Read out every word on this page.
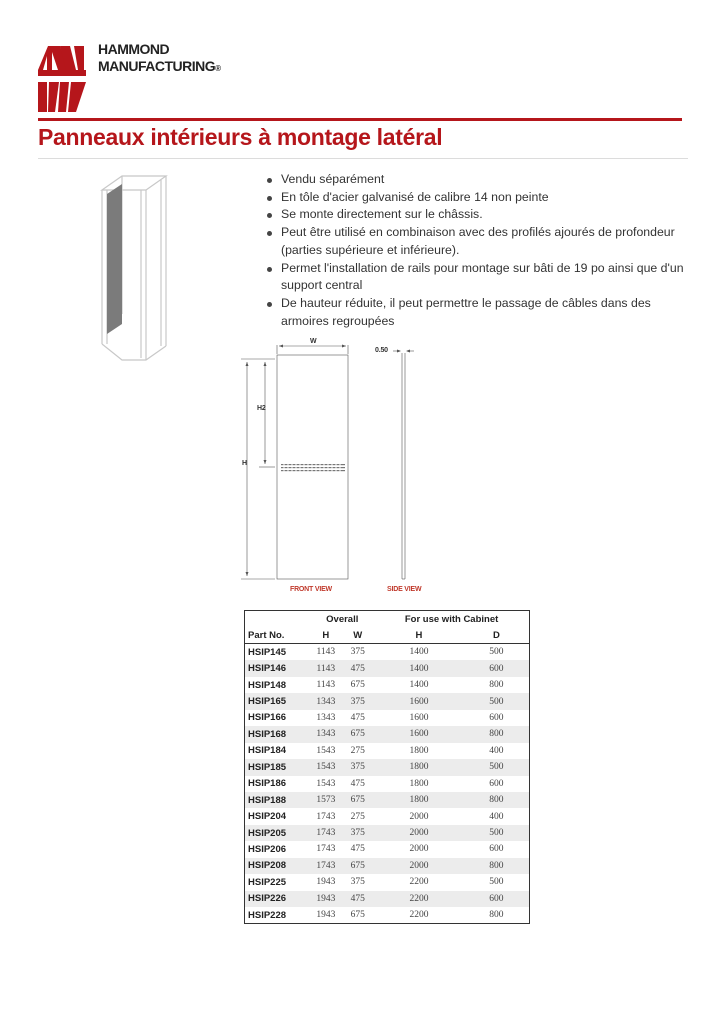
HAMMOND
MANUFACTURING®
Panneaux intérieurs à montage latéral
Vendu séparément
En tôle d'acier galvanisé de calibre 14 non peinte
Se monte directement sur le châssis.
Peut être utilisé en combinaison avec des profilés ajourés de profondeur (parties supérieure et inférieure).
Permet l'installation de rails pour montage sur bâti de 19 po ainsi que d'un support central
De hauteur réduite, il peut permettre le passage de câbles dans des armoires regroupées
W
H2
H
0.50
FRONT VIEW	SIDE VIEW
	Overall		For use with Cabinet	
Part No.	H	W	H	D
HSIP145	1143	375	1400	500
HSIP146	1143	475	1400	600
HSIP148	1143	675	1400	800
HSIP165	1343	375	1600	500
HSIP166	1343	475	1600	600
HSIP168	1343	675	1600	800
HSIP184	1543	275	1800	400
HSIP185	1543	375	1800	500
HSIP186	1543	475	1800	600
HSIP188	1573	675	1800	800
HSIP204	1743	275	2000	400
HSIP205	1743	375	2000	500
HSIP206	1743	475	2000	600
HSIP208	1743	675	2000	800
HSIP225	1943	375	2200	500
HSIP226	1943	475	2200	600
HSIP228	1943	675	2200	800
